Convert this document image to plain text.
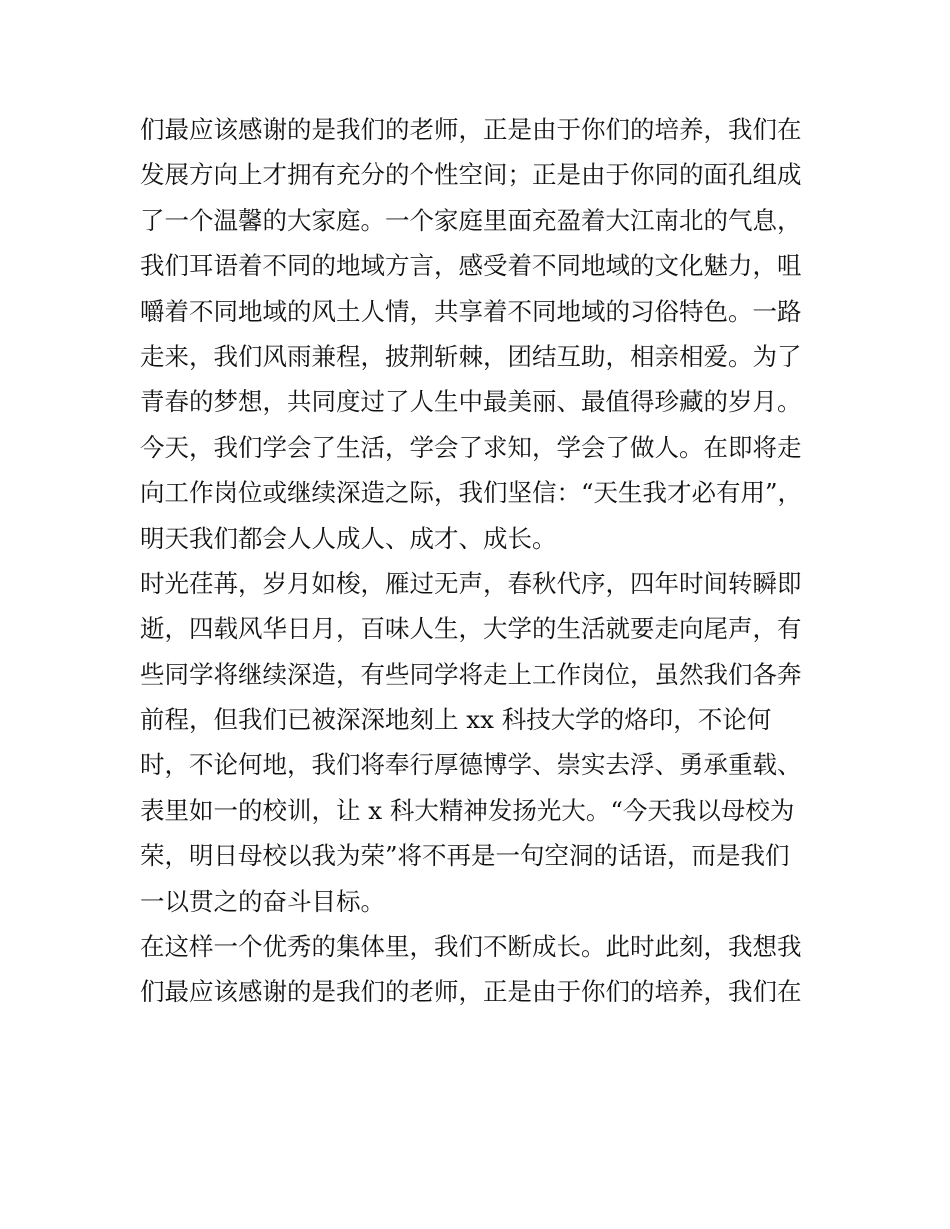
们最应该感谢的是我们的老师，正是由于你们的培养，我们在
发展方向上才拥有充分的个性空间；正是由于你同的面孔组成
了一个温馨的大家庭。一个家庭里面充盈着大江南北的气息，
我们耳语着不同的地域方言，感受着不同地域的文化魅力，咀
嚼着不同地域的风土人情，共享着不同地域的习俗特色。一路
走来，我们风雨兼程，披荆斩棘，团结互助，相亲相爱。为了
青春的梦想，共同度过了人生中最美丽、最值得珍藏的岁月。
今天，我们学会了生活，学会了求知，学会了做人。在即将走
向工作岗位或继续深造之际，我们坚信：“天生我才必有用”，
明天我们都会人人成人、成才、成长。
时光荏苒，岁月如梭，雁过无声，春秋代序，四年时间转瞬即
逝，四载风华日月，百味人生，大学的生活就要走向尾声，有
些同学将继续深造，有些同学将走上工作岗位，虽然我们各奔
前程，但我们已被深深地刻上 xx 科技大学的烙印，不论何
时，不论何地，我们将奉行厚德博学、崇实去浮、勇承重载、
表里如一的校训，让 x 科大精神发扬光大。“今天我以母校为
荣，明日母校以我为荣”将不再是一句空洞的话语，而是我们
一以贯之的奋斗目标。
在这样一个优秀的集体里，我们不断成长。此时此刻，我想我
们最应该感谢的是我们的老师，正是由于你们的培养，我们在
